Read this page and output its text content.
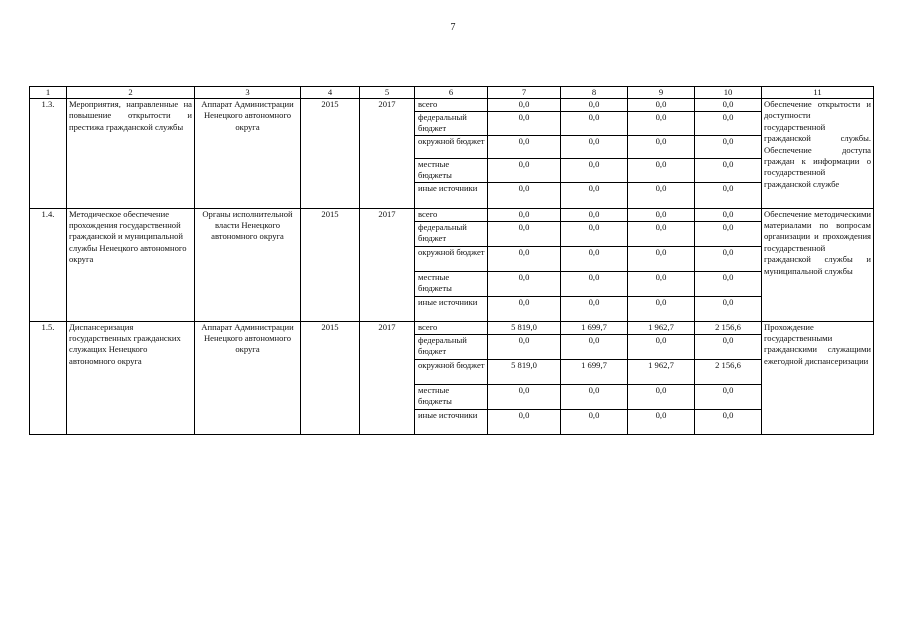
7
1	2	3	4	5	6	7	8	9	10	11
1.3.	Мероприятия, направленные на повышение открытости и престижа гражданской службы	Аппарат Администрации Ненецкого автономного округа	2015	2017	всего	0,0	0,0	0,0	0,0	Обеспечение открытости и доступности государственной гражданской службы. Обеспечение доступа граждан к информации о государственной гражданской службе
					федеральный бюджет	0,0	0,0	0,0	0,0	
					окружной бюджет	0,0	0,0	0,0	0,0	
					местные бюджеты	0,0	0,0	0,0	0,0	
					иные источники	0,0	0,0	0,0	0,0	
1.4.	Методическое обеспечение прохождения государственной гражданской и муниципальной службы Ненецкого автономного округа	Органы исполнительной власти Ненецкого автономного округа	2015	2017	всего	0,0	0,0	0,0	0,0	Обеспечение методическими материалами по вопросам организации и прохождения государственной гражданской службы и муниципальной службы
					федеральный бюджет	0,0	0,0	0,0	0,0	
					окружной бюджет	0,0	0,0	0,0	0,0	
					местные бюджеты	0,0	0,0	0,0	0,0	
					иные источники	0,0	0,0	0,0	0,0	
1.5.	Диспансеризация государственных гражданских служащих Ненецкого автономного округа	Аппарат Администрации Ненецкого автономного округа	2015	2017	всего	5 819,0	1 699,7	1 962,7	2 156,6	Прохождение государственными гражданскими служащими ежегодной диспансеризации
					федеральный бюджет	0,0	0,0	0,0	0,0	
					окружной бюджет	5 819,0	1 699,7	1 962,7	2 156,6	
					местные бюджеты	0,0	0,0	0,0	0,0	
					иные источники	0,0	0,0	0,0	0,0	
